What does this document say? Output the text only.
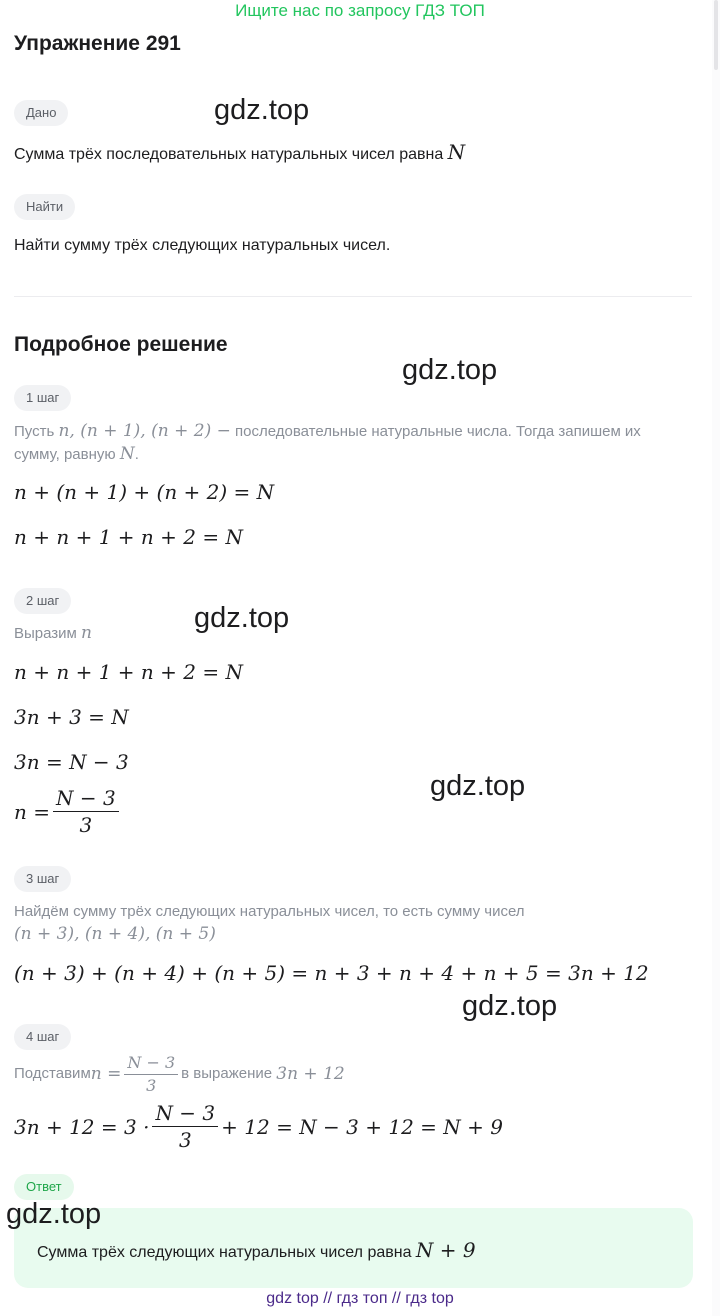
Ищите нас по запросу ГДЗ ТОП
Упражнение 291
Дано	gdz.top
Сумма трёх последовательных натуральных чисел равна N
Найти
Найти сумму трёх следующих натуральных чисел.
Подробное решение
gdz.top
1 шаг
Пусть n, (n + 1), (n + 2) − последовательные натуральные числа. Тогда запишем их
сумму, равную N.
n + (n + 1) + (n + 2) = N
n + n + 1 + n + 2 = N
2 шаг
gdz.top
Выразим n
n + n + 1 + n + 2 = N
3n + 3 = N
3n = N − 3
gdz.top
$n = \frac{N - 3}{3}$
3 шаг
Найдём сумму трёх следующих натуральных чисел, то есть сумму чисел
(n + 3), (n + 4), (n + 5)
(n + 3) + (n + 4) + (n + 5) = n + 3 + n + 4 + n + 5 = 3n + 12
gdz.top
4 шаг
Подставим $n = \frac{N - 3}{3}$ в выражение
3n + 12
$3n + 12 = 3 \cdot \frac{N - 3}{3} + 12 = N - 3 + 12 = N + 9$
Ответ
gdz.top
Сумма трёх следующих натуральных чисел равна N + 9
gdz top // гдз топ // гдз top
